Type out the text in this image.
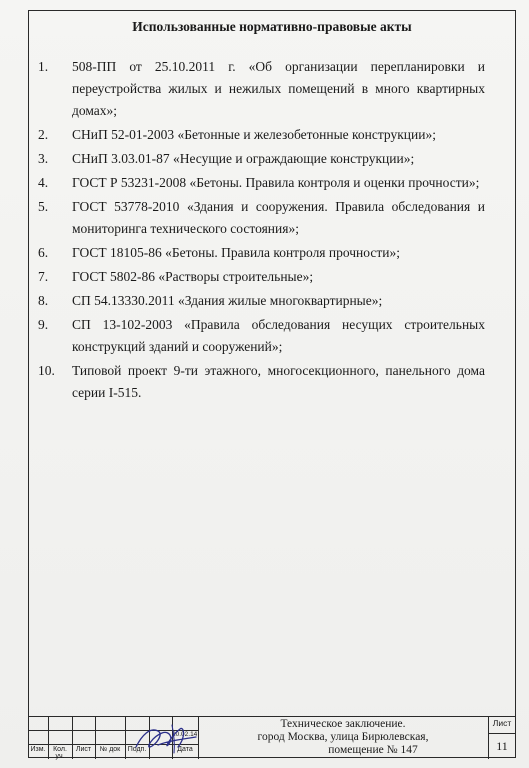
Использованные нормативно-правовые акты
1.	508-ПП от 25.10.2011 г. «Об организации перепланировки и переустройства жилых и нежилых помещений в много квартирных домах»;
2.	СНиП 52-01-2003 «Бетонные и железобетонные конструкции»;
3.	СНиП 3.03.01-87 «Несущие и ограждающие конструкции»;
4.	ГОСТ Р 53231-2008 «Бетоны. Правила контроля и оценки прочности»;
5.	ГОСТ 53778-2010 «Здания и сооружения. Правила обследования и мониторинга технического состояния»;
6.	ГОСТ 18105-86 «Бетоны. Правила контроля прочности»;
7.	ГОСТ 5802-86 «Растворы строительные»;
8.	СП 54.13330.2011 «Здания жилые многоквартирные»;
9.	СП 13-102-2003 «Правила обследования несущих строительных конструкций зданий и сооружений»;
10.	Типовой проект 9-ти этажного, многосекционного, панельного дома серии I-515.
Изм.	Кол. уч.
Лист	№ док	Подп.	Дата
20.02.14
Техническое заключение.
город Москва, улица Бирюлевская,
помещение № 147
Лист
11
